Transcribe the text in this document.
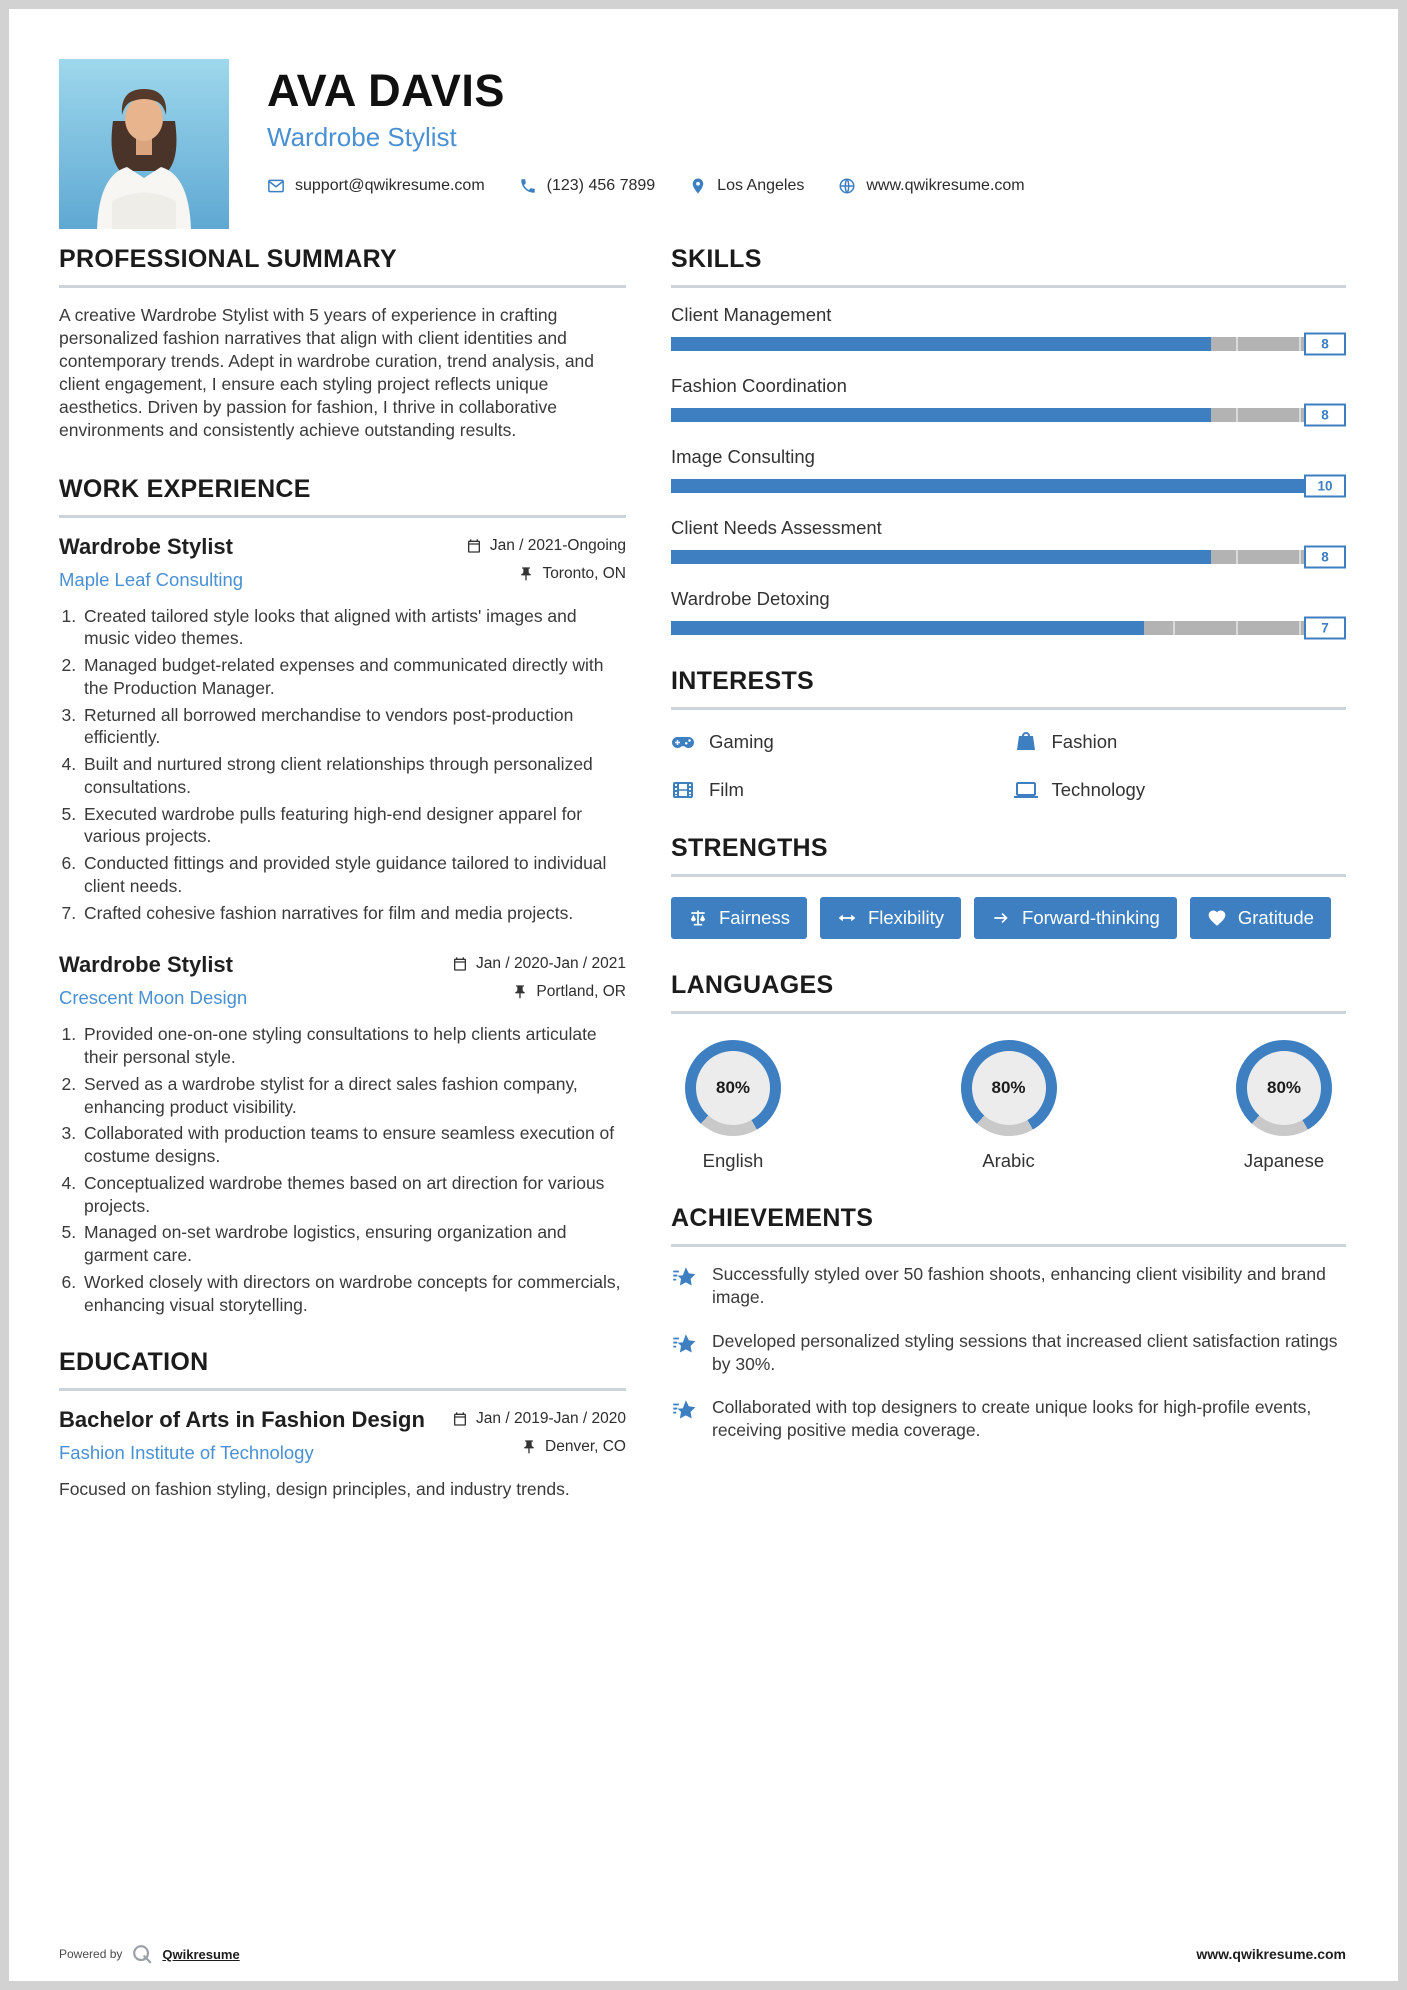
AVA DAVIS
Wardrobe Stylist
support@qwikresume.com	(123) 456 7899	Los Angeles	www.qwikresume.com
PROFESSIONAL SUMMARY

A creative Wardrobe Stylist with 5 years of experience in crafting personalized fashion narratives that align with client identities and contemporary trends. Adept in wardrobe curation, trend analysis, and client engagement, I ensure each styling project reflects unique aesthetics. Driven by passion for fashion, I thrive in collaborative environments and consistently achieve outstanding results.

WORK EXPERIENCE
Wardrobe Stylist
Maple Leaf Consulting
Jan / 2021-Ongoing
Toronto, ON
1. Created tailored style looks that aligned with artists' images and music video themes.
2. Managed budget-related expenses and communicated directly with the Production Manager.
3. Returned all borrowed merchandise to vendors post-production efficiently.
4. Built and nurtured strong client relationships through personalized consultations.
5. Executed wardrobe pulls featuring high-end designer apparel for various projects.
6. Conducted fittings and provided style guidance tailored to individual client needs.
7. Crafted cohesive fashion narratives for film and media projects.
Wardrobe Stylist
Crescent Moon Design
Jan / 2020-Jan / 2021
Portland, OR
1. Provided one-on-one styling consultations to help clients articulate their personal style.
2. Served as a wardrobe stylist for a direct sales fashion company, enhancing product visibility.
3. Collaborated with production teams to ensure seamless execution of costume designs.
4. Conceptualized wardrobe themes based on art direction for various projects.
5. Managed on-set wardrobe logistics, ensuring organization and garment care.
6. Worked closely with directors on wardrobe concepts for commercials, enhancing visual storytelling.
EDUCATION
Bachelor of Arts in Fashion Design
Fashion Institute of Technology
Jan / 2019-Jan / 2020
Denver, CO

Focused on fashion styling, design principles, and industry trends.

SKILLS
Client Management
8
Fashion Coordination
8
Image Consulting
10
Client Needs Assessment
8
Wardrobe Detoxing
7
INTERESTS
Gaming	Fashion
Film	Technology
STRENGTHS
Fairness	Flexibility	Forward-thinking	Gratitude
LANGUAGES
80%
English
80%
Arabic
80%
Japanese
ACHIEVEMENTS

Successfully styled over 50 fashion shoots, enhancing client visibility and brand image.

Developed personalized styling sessions that increased client satisfaction ratings by 30%.

Collaborated with top designers to create unique looks for high-profile events, receiving positive media coverage.

Powered by	Qwikresume	www.qwikresume.com
